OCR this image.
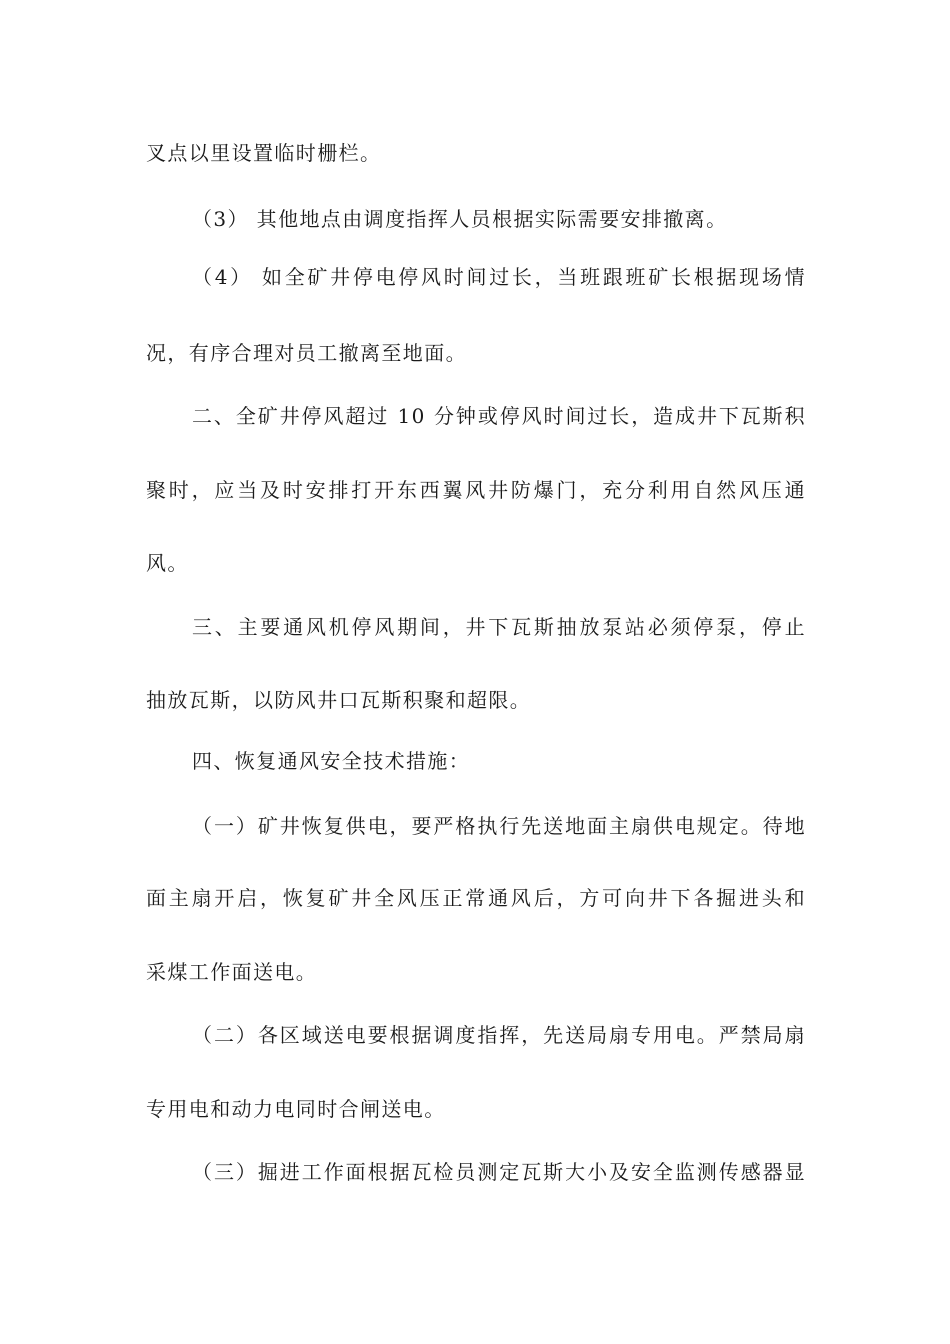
叉点以里设置临时栅栏。
（3） 其他地点由调度指挥人员根据实际需要安排撤离。
（4） 如全矿井停电停风时间过长，当班跟班矿长根据现场情
况，有序合理对员工撤离至地面。
二、全矿井停风超过 10 分钟或停风时间过长，造成井下瓦斯积
聚时，应当及时安排打开东西翼风井防爆门，充分利用自然风压通
风。
三、主要通风机停风期间，井下瓦斯抽放泵站必须停泵，停止
抽放瓦斯，以防风井口瓦斯积聚和超限。
四、恢复通风安全技术措施：
（一）矿井恢复供电，要严格执行先送地面主扇供电规定。待地
面主扇开启，恢复矿井全风压正常通风后，方可向井下各掘进头和
采煤工作面送电。
（二）各区域送电要根据调度指挥，先送局扇专用电。严禁局扇
专用电和动力电同时合闸送电。
（三）掘进工作面根据瓦检员测定瓦斯大小及安全监测传感器显
